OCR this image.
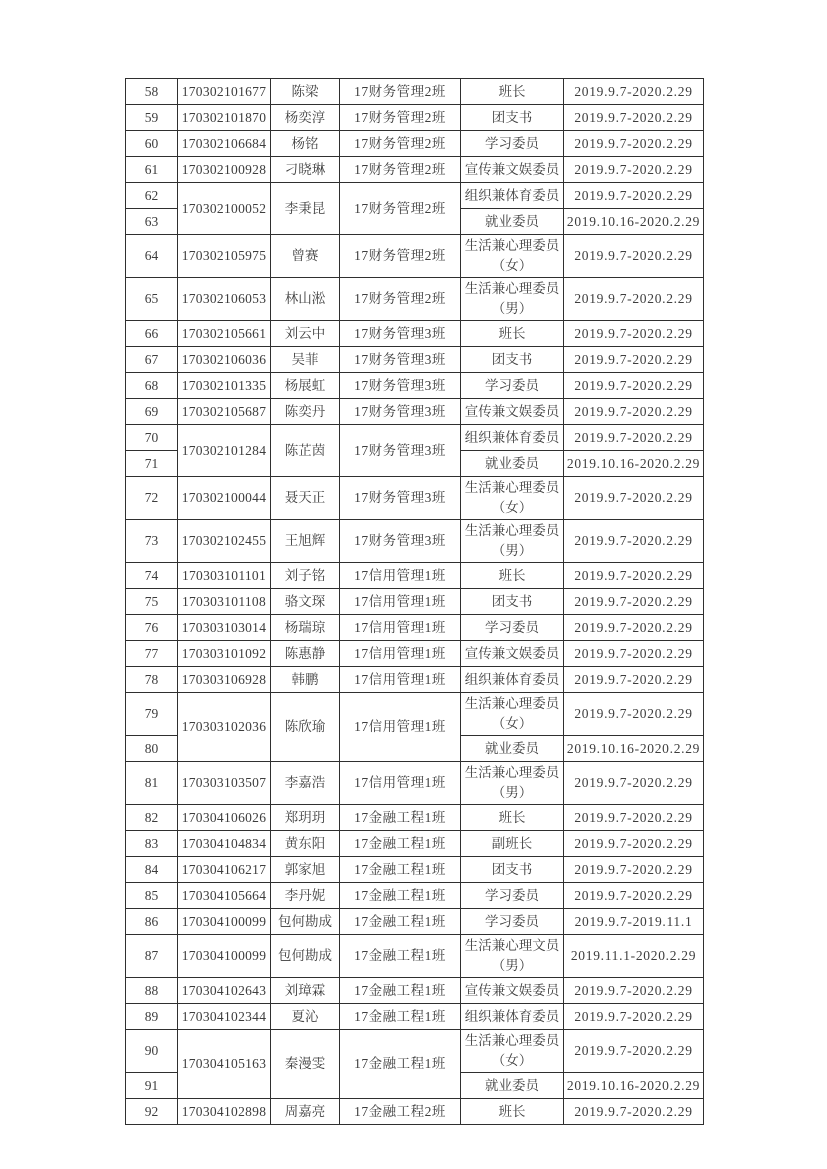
58	170302101677	陈梁	17财务管理2班	班长	2019.9.7-2020.2.29
59	170302101870	杨奕淳	17财务管理2班	团支书	2019.9.7-2020.2.29
60	170302106684	杨铭	17财务管理2班	学习委员	2019.9.7-2020.2.29
61	170302100928	刁晓琳	17财务管理2班	宣传兼文娱委员	2019.9.7-2020.2.29
62	170302100052	李秉昆	17财务管理2班	组织兼体育委员	2019.9.7-2020.2.29
63				就业委员	2019.10.16-2020.2.29
64	170302105975	曾赛	17财务管理2班	生活兼心理委员（女）	2019.9.7-2020.2.29
65	170302106053	林山淞	17财务管理2班	生活兼心理委员（男）	2019.9.7-2020.2.29
66	170302105661	刘云中	17财务管理3班	班长	2019.9.7-2020.2.29
67	170302106036	吴菲	17财务管理3班	团支书	2019.9.7-2020.2.29
68	170302101335	杨展虹	17财务管理3班	学习委员	2019.9.7-2020.2.29
69	170302105687	陈奕丹	17财务管理3班	宣传兼文娱委员	2019.9.7-2020.2.29
70	170302101284	陈芷茵	17财务管理3班	组织兼体育委员	2019.9.7-2020.2.29
71				就业委员	2019.10.16-2020.2.29
72	170302100044	聂天正	17财务管理3班	生活兼心理委员（女）	2019.9.7-2020.2.29
73	170302102455	王旭辉	17财务管理3班	生活兼心理委员（男）	2019.9.7-2020.2.29
74	170303101101	刘子铭	17信用管理1班	班长	2019.9.7-2020.2.29
75	170303101108	骆文琛	17信用管理1班	团支书	2019.9.7-2020.2.29
76	170303103014	杨瑞琼	17信用管理1班	学习委员	2019.9.7-2020.2.29
77	170303101092	陈惠静	17信用管理1班	宣传兼文娱委员	2019.9.7-2020.2.29
78	170303106928	韩鹏	17信用管理1班	组织兼体育委员	2019.9.7-2020.2.29
79	170303102036	陈欣瑜	17信用管理1班	生活兼心理委员（女）	2019.9.7-2020.2.29
80				就业委员	2019.10.16-2020.2.29
81	170303103507	李嘉浩	17信用管理1班	生活兼心理委员（男）	2019.9.7-2020.2.29
82	170304106026	郑玥玥	17金融工程1班	班长	2019.9.7-2020.2.29
83	170304104834	黄东阳	17金融工程1班	副班长	2019.9.7-2020.2.29
84	170304106217	郭家旭	17金融工程1班	团支书	2019.9.7-2020.2.29
85	170304105664	李丹妮	17金融工程1班	学习委员	2019.9.7-2020.2.29
86	170304100099	包何勘成	17金融工程1班	学习委员	2019.9.7-2019.11.1
87	170304100099	包何勘成	17金融工程1班	生活兼心理文员（男）	2019.11.1-2020.2.29
88	170304102643	刘璋霖	17金融工程1班	宣传兼文娱委员	2019.9.7-2020.2.29
89	170304102344	夏沁	17金融工程1班	组织兼体育委员	2019.9.7-2020.2.29
90	170304105163	秦漫雯	17金融工程1班	生活兼心理委员（女）	2019.9.7-2020.2.29
91				就业委员	2019.10.16-2020.2.29
92	170304102898	周嘉亮	17金融工程2班	班长	2019.9.7-2020.2.29
